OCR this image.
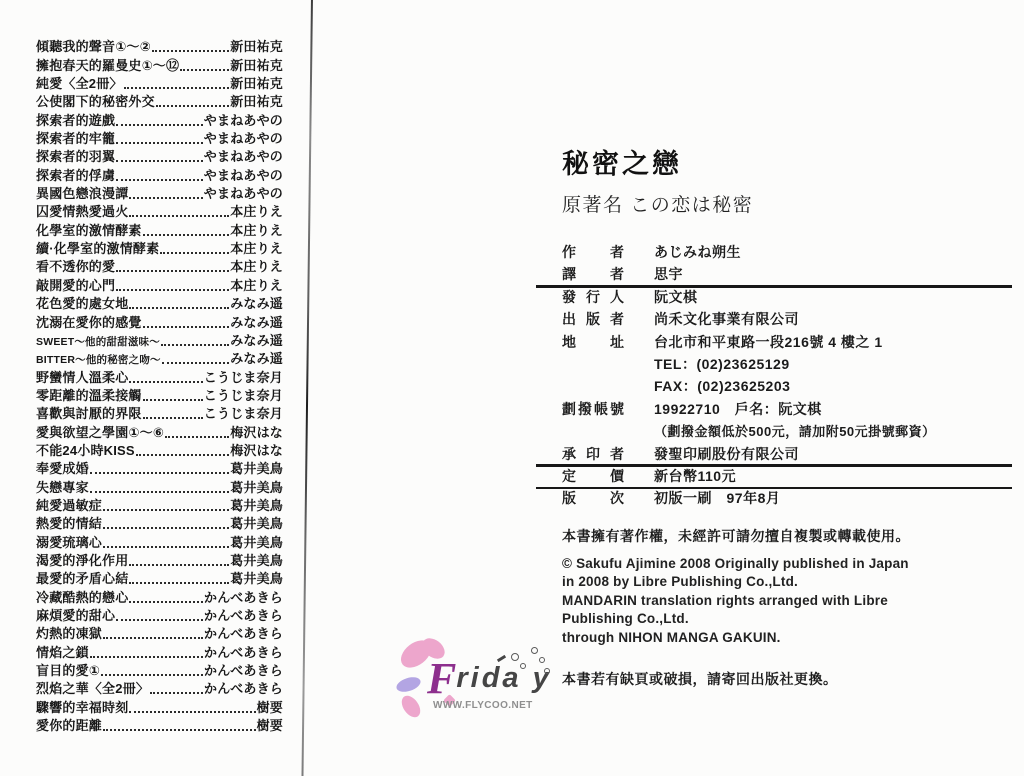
傾聽我的聲音①～②	新田祐克
擁抱春天的羅曼史①～⑫	新田祐克
純愛〈全2冊〉	新田祐克
公使閣下的秘密外交	新田祐克
探索者的遊戲	やまねあやの
探索者的牢籠	やまねあやの
探索者的羽翼	やまねあやの
探索者的俘虜	やまねあやの
異國色戀浪漫譚	やまねあやの
囚愛情熱愛過火	本庄りえ
化學室的激情酵素	本庄りえ
續·化學室的激情酵素	本庄りえ
看不透你的愛	本庄りえ
敲開愛的心門	本庄りえ
花色愛的處女地	みなみ遥
沈溺在愛你的感覺	みなみ遥
SWEET～他的甜甜滋味～	みなみ遥
BITTER～他的秘密之吻～	みなみ遥
野蠻情人溫柔心	こうじま奈月
零距離的溫柔接觸	こうじま奈月
喜歡與討厭的界限	こうじま奈月
愛與欲望之學園①～⑥	梅沢はな
不能24小時KISS	梅沢はな
奉愛成婚	葛井美鳥
失戀專家	葛井美鳥
純愛過敏症	葛井美鳥
熱愛的情結	葛井美鳥
溺愛琉璃心	葛井美鳥
渴愛的淨化作用	葛井美鳥
最愛的矛盾心結	葛井美鳥
冷藏酷熱的戀心	かんべあきら
麻煩愛的甜心	かんべあきら
灼熱的凍獄	かんべあきら
情焰之鎖	かんべあきら
盲目的愛①	かんべあきら
烈焰之華〈全2冊〉	かんべあきら
驟響的幸福時刻	樹要
愛你的距離	樹要
秘密之戀
原著名 この恋は秘密
作者 あじみね朔生
譯者 思宇
發行人 阮文棋
出版者 尚禾文化事業有限公司
地址 台北市和平東路一段216號 4 樓之 1
TEL：(02)23625129
FAX：(02)23625203
劃撥帳號 19922710　戶名：阮文棋
（劃撥金額低於500元，請加附50元掛號郵資）
承印者 發聖印刷股份有限公司
定價 新台幣110元
版次 初版一刷　97年8月

本書擁有著作權，未經許可請勿擅自複製或轉載使用。

© Sakufu Ajimine 2008 Originally published in Japan
in 2008 by Libre Publishing Co.,Ltd.
MANDARIN translation rights arranged with Libre
Publishing Co.,Ltd.
through NIHON MANGA GAKUIN.

本書若有缺頁或破損，請寄回出版社更換。

Frida y
WWW.FLYCOO.NET
